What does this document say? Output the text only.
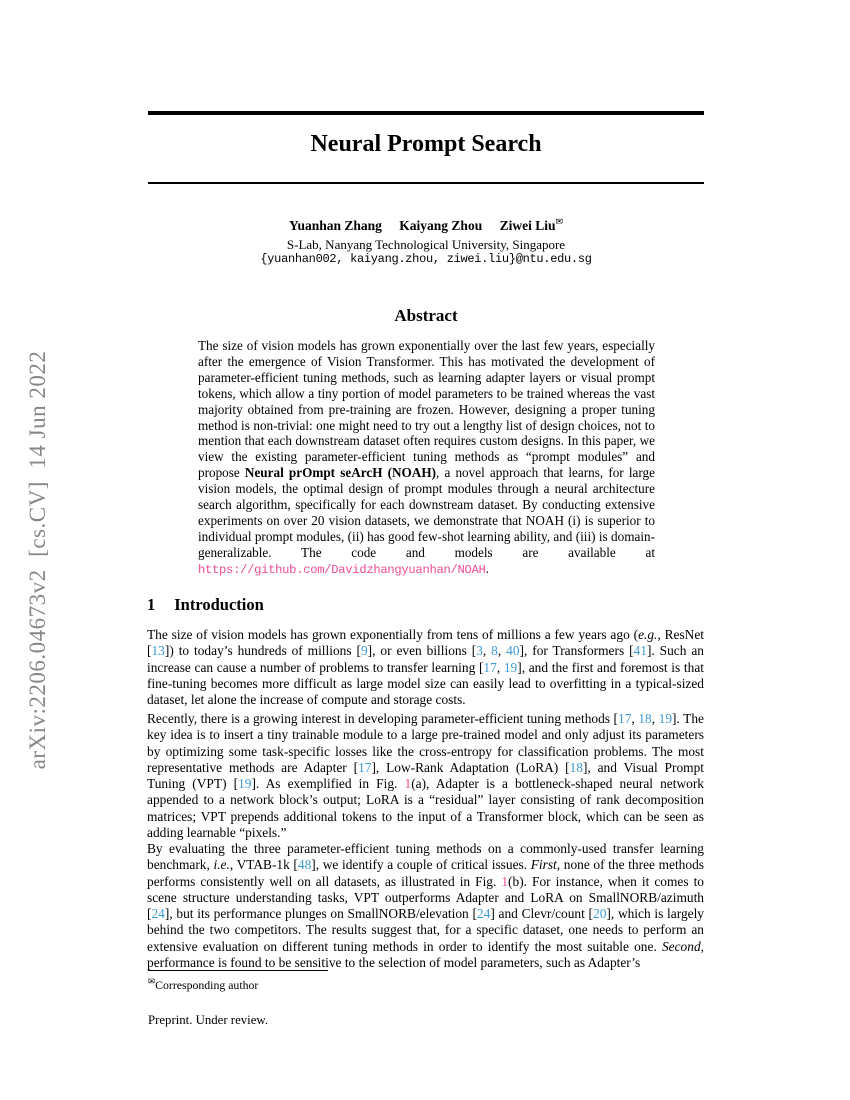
arXiv:2206.04673v2  [cs.CV]  14 Jun 2022
Neural Prompt Search
Yuanhan Zhang Kaiyang Zhou Ziwei Liu✉
S-Lab, Nanyang Technological University, Singapore
{yuanhan002, kaiyang.zhou, ziwei.liu}@ntu.edu.sg
Abstract
The size of vision models has grown exponentially over the last few years, especially after the emergence of Vision Transformer. This has motivated the development of parameter-efficient tuning methods, such as learning adapter layers or visual prompt tokens, which allow a tiny portion of model parameters to be trained whereas the vast majority obtained from pre-training are frozen. However, designing a proper tuning method is non-trivial: one might need to try out a lengthy list of design choices, not to mention that each downstream dataset often requires custom designs. In this paper, we view the existing parameter-efficient tuning methods as “prompt modules” and propose Neural prOmpt seArcH (NOAH), a novel approach that learns, for large vision models, the optimal design of prompt modules through a neural architecture search algorithm, specifically for each downstream dataset. By conducting extensive experiments on over 20 vision datasets, we demonstrate that NOAH (i) is superior to individual prompt modules, (ii) has good few-shot learning ability, and (iii) is domain-generalizable. The code and models are available at https://github.com/Davidzhangyuanhan/NOAH.
1 Introduction
The size of vision models has grown exponentially from tens of millions a few years ago (e.g., ResNet [13]) to today’s hundreds of millions [9], or even billions [3, 8, 40], for Transformers [41]. Such an increase can cause a number of problems to transfer learning [17, 19], and the first and foremost is that fine-tuning becomes more difficult as large model size can easily lead to overfitting in a typical-sized dataset, let alone the increase of compute and storage costs.
Recently, there is a growing interest in developing parameter-efficient tuning methods [17, 18, 19]. The key idea is to insert a tiny trainable module to a large pre-trained model and only adjust its parameters by optimizing some task-specific losses like the cross-entropy for classification problems. The most representative methods are Adapter [17], Low-Rank Adaptation (LoRA) [18], and Visual Prompt Tuning (VPT) [19]. As exemplified in Fig. 1(a), Adapter is a bottleneck-shaped neural network appended to a network block’s output; LoRA is a “residual” layer consisting of rank decomposition matrices; VPT prepends additional tokens to the input of a Transformer block, which can be seen as adding learnable “pixels.”
By evaluating the three parameter-efficient tuning methods on a commonly-used transfer learning benchmark, i.e., VTAB-1k [48], we identify a couple of critical issues. First, none of the three methods performs consistently well on all datasets, as illustrated in Fig. 1(b). For instance, when it comes to scene structure understanding tasks, VPT outperforms Adapter and LoRA on SmallNORB/azimuth [24], but its performance plunges on SmallNORB/elevation [24] and Clevr/count [20], which is largely behind the two competitors. The results suggest that, for a specific dataset, one needs to perform an extensive evaluation on different tuning methods in order to identify the most suitable one. Second, performance is found to be sensitive to the selection of model parameters, such as Adapter’s
✉Corresponding author
Preprint. Under review.
